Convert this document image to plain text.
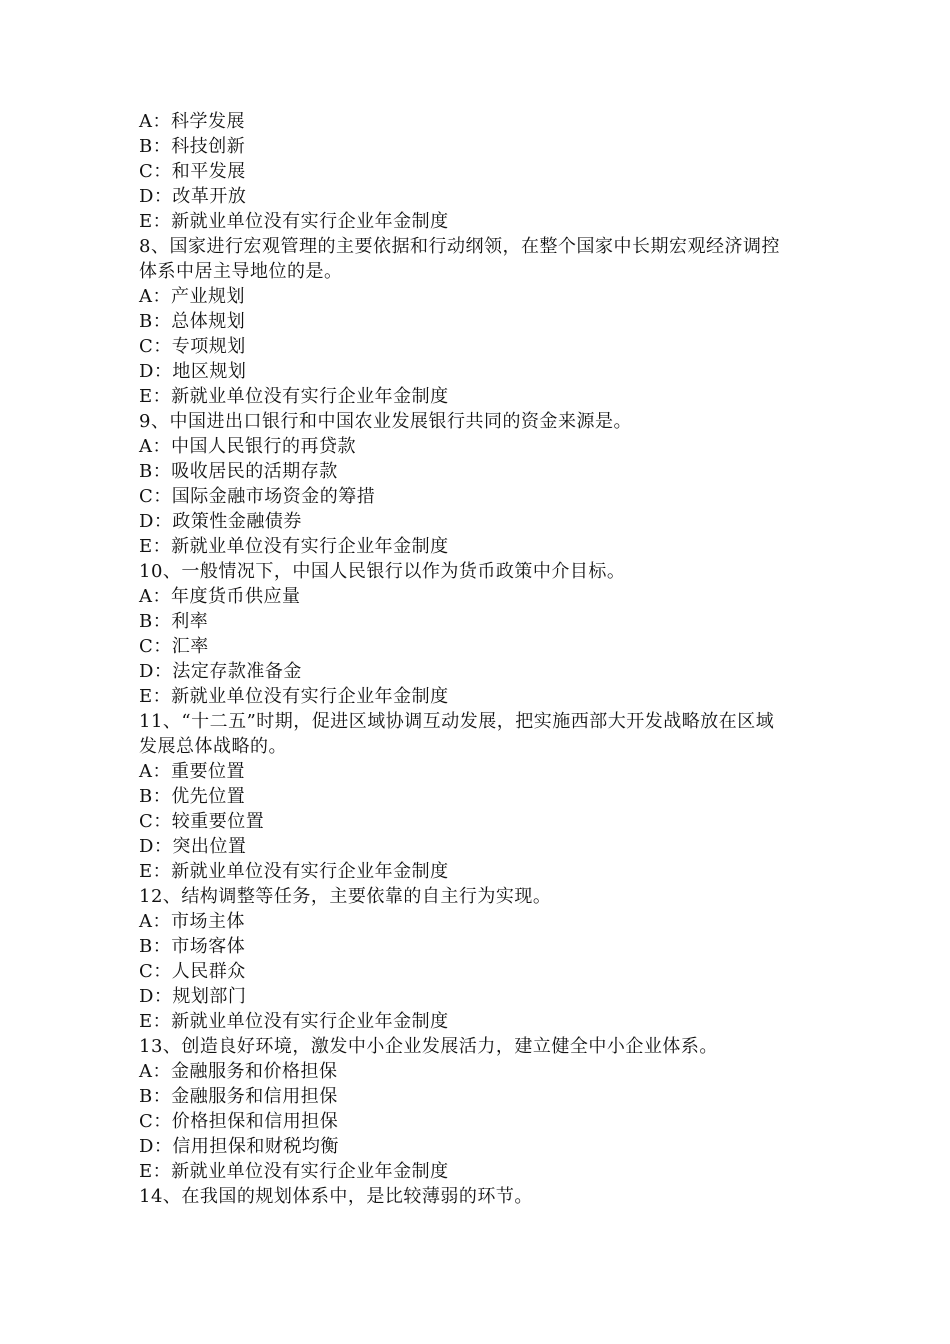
A：科学发展
B：科技创新
C：和平发展
D：改革开放
E：新就业单位没有实行企业年金制度
8、国家进行宏观管理的主要依据和行动纲领，在整个国家中长期宏观经济调控
体系中居主导地位的是。
A：产业规划
B：总体规划
C：专项规划
D：地区规划
E：新就业单位没有实行企业年金制度
9、中国进出口银行和中国农业发展银行共同的资金来源是。
A：中国人民银行的再贷款
B：吸收居民的活期存款
C：国际金融市场资金的筹措
D：政策性金融债券
E：新就业单位没有实行企业年金制度
10、一般情况下，中国人民银行以作为货币政策中介目标。
A：年度货币供应量
B：利率
C：汇率
D：法定存款准备金
E：新就业单位没有实行企业年金制度
11、“十二五”时期，促进区域协调互动发展，把实施西部大开发战略放在区域
发展总体战略的。
A：重要位置
B：优先位置
C：较重要位置
D：突出位置
E：新就业单位没有实行企业年金制度
12、结构调整等任务，主要依靠的自主行为实现。
A：市场主体
B：市场客体
C：人民群众
D：规划部门
E：新就业单位没有实行企业年金制度
13、创造良好环境，激发中小企业发展活力，建立健全中小企业体系。
A：金融服务和价格担保
B：金融服务和信用担保
C：价格担保和信用担保
D：信用担保和财税均衡
E：新就业单位没有实行企业年金制度
14、在我国的规划体系中，是比较薄弱的环节。
